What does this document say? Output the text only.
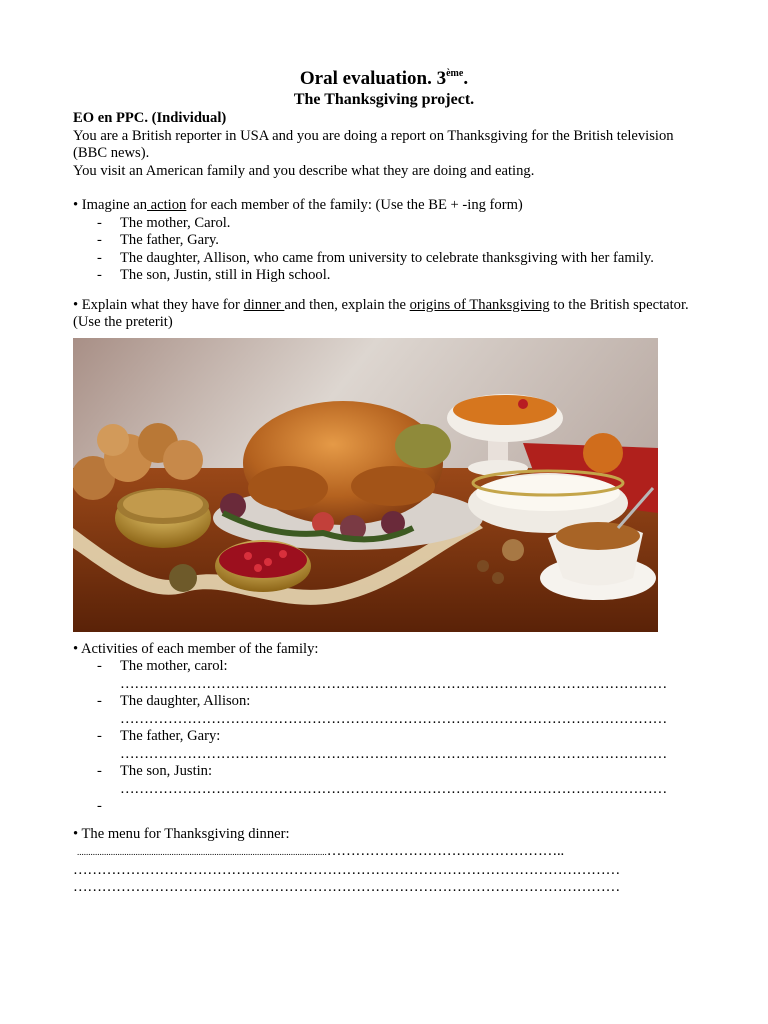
Oral evaluation. 3ème.
The Thanksgiving project.

EO en PPC. (Individual)

You are a British reporter in USA and you are doing a report on Thanksgiving for the British television (BBC news).

You visit an American family and you describe what they are doing and eating.

• Imagine an action for each member of the family: (Use the BE + -ing form)

- The mother, Carol.
- The father, Gary.
- The daughter, Allison, who came from university to celebrate thanksgiving with her family.
- The son, Justin, still in High school.

• Explain what they have for dinner and then, explain the origins of Thanksgiving to the British spectator. (Use the preterit)

• Activities of each member of the family:

- The mother, carol:
……………………………………………………………………………………………………
- The daughter, Allison:
……………………………………………………………………………………………………
- The father, Gary:
……………………………………………………………………………………………………
- The son, Justin:
……………………………………………………………………………………………………
-

• The menu for Thanksgiving dinner:

...............................................................................................................…………………………………………..
……………………………………………………………………………………………………
……………………………………………………………………………………………………
